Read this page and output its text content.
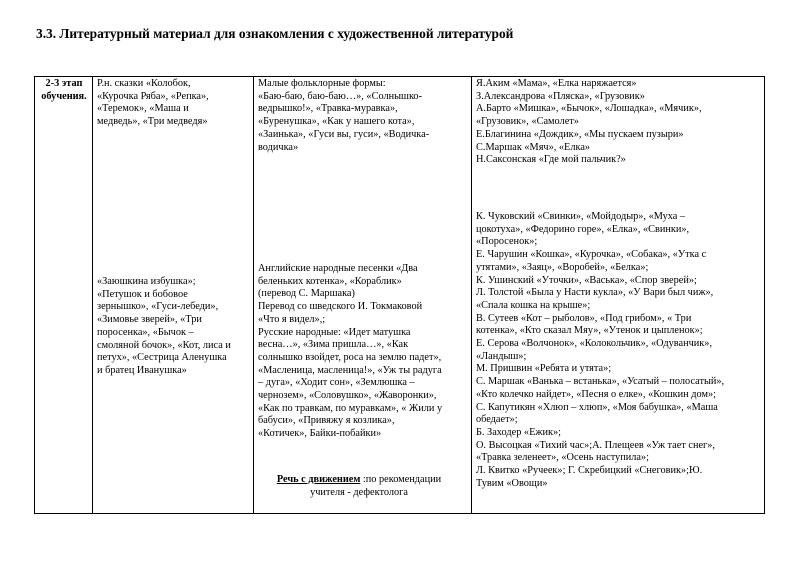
3.3. Литературный материал для ознакомления с художественной литературой
2-3 этап
обучения.
Р.н. сказки «Колобок,
«Курочка Ряба», «Репка»,
«Теремок», «Маша и
медведь», «Три медведя»
«Заюшкина избушка»;
«Петушок и бобовое
зернышко», «Гуси-лебеди»,
«Зимовье зверей», «Три
поросенка», «Бычок –
смоляной бочок», «Кот, лиса и
петух», «Сестрица Аленушка
и братец Иванушка»
Малые фольклорные формы:
«Баю-баю, баю-баю…», «Солнышко-
ведрышко!», «Травка-муравка»,
«Буренушка», «Как у нашего кота»,
«Заинька», «Гуси вы, гуси», «Водичка-
водичка»
Английские народные песенки «Два
беленьких котенка», «Кораблик»
(перевод С. Маршака)
Перевод со шведского И. Токмаковой
«Что я видел»,;
Русские народные: «Идет матушка
весна…», «Зима пришла…», «Как
солнышко взойдет, роса на землю падет»,
«Масленица, масленица!», «Уж ты радуга
– дуга», «Ходит сон», «Землюшка –
чернозем», «Соловушко», «Жаворонки»,
«Как по травкам, по муравкам», « Жили у
бабуси», «Привяжу я козлика»,
«Котичек», Байки-побайки»
Речь с движением :по рекомендации
учителя - дефектолога
Я.Аким «Мама», «Елка наряжается»
З.Александрова «Пляска», «Грузовик»
А.Барто «Мишка», «Бычок», «Лошадка», «Мячик»,
«Грузовик», «Самолет»
Е.Благинина «Дождик», «Мы пускаем пузыри»
С.Маршак «Мяч», «Елка»
Н.Саксонская «Где мой пальчик?»
К. Чуковский «Свинки», «Мойдодыр», «Муха –
цокотуха», «Федорино горе», «Елка», «Свинки»,
«Поросенок»;
Е. Чарушин «Кошка», «Курочка», «Собака», «Утка с
утятами», «Заяц», «Воробей», «Белка»;
К. Ушинский «Уточки», «Васька», «Спор зверей»;
Л. Толстой «Была у Насти кукла», «У Вари был чиж»,
«Спала кошка на крыше»;
В. Сутеев «Кот – рыболов», «Под грибом», « Три
котенка», «Кто сказал Мяу», «Утенок и цыпленок»;
Е. Серова «Волчонок», «Колокольчик», «Одуванчик»,
«Ландыш»;
М. Пришвин «Ребята и утята»;
С. Маршак «Ванька – встанька», «Усатый – полосатый»,
«Кто колечко найдет», «Песня о елке», «Кошкин дом»;
С. Капутикян «Хлюп – хлюп», «Моя бабушка», «Маша
обедает»;
Б. Заходер «Ежик»;
О. Высоцкая «Тихий час»;А. Плещеев «Уж тает снег»,
«Травка зеленеет», «Осень наступила»;
Л. Квитко «Ручеек»; Г. Скребицкий «Снеговик»;Ю.
Тувим «Овощи»
